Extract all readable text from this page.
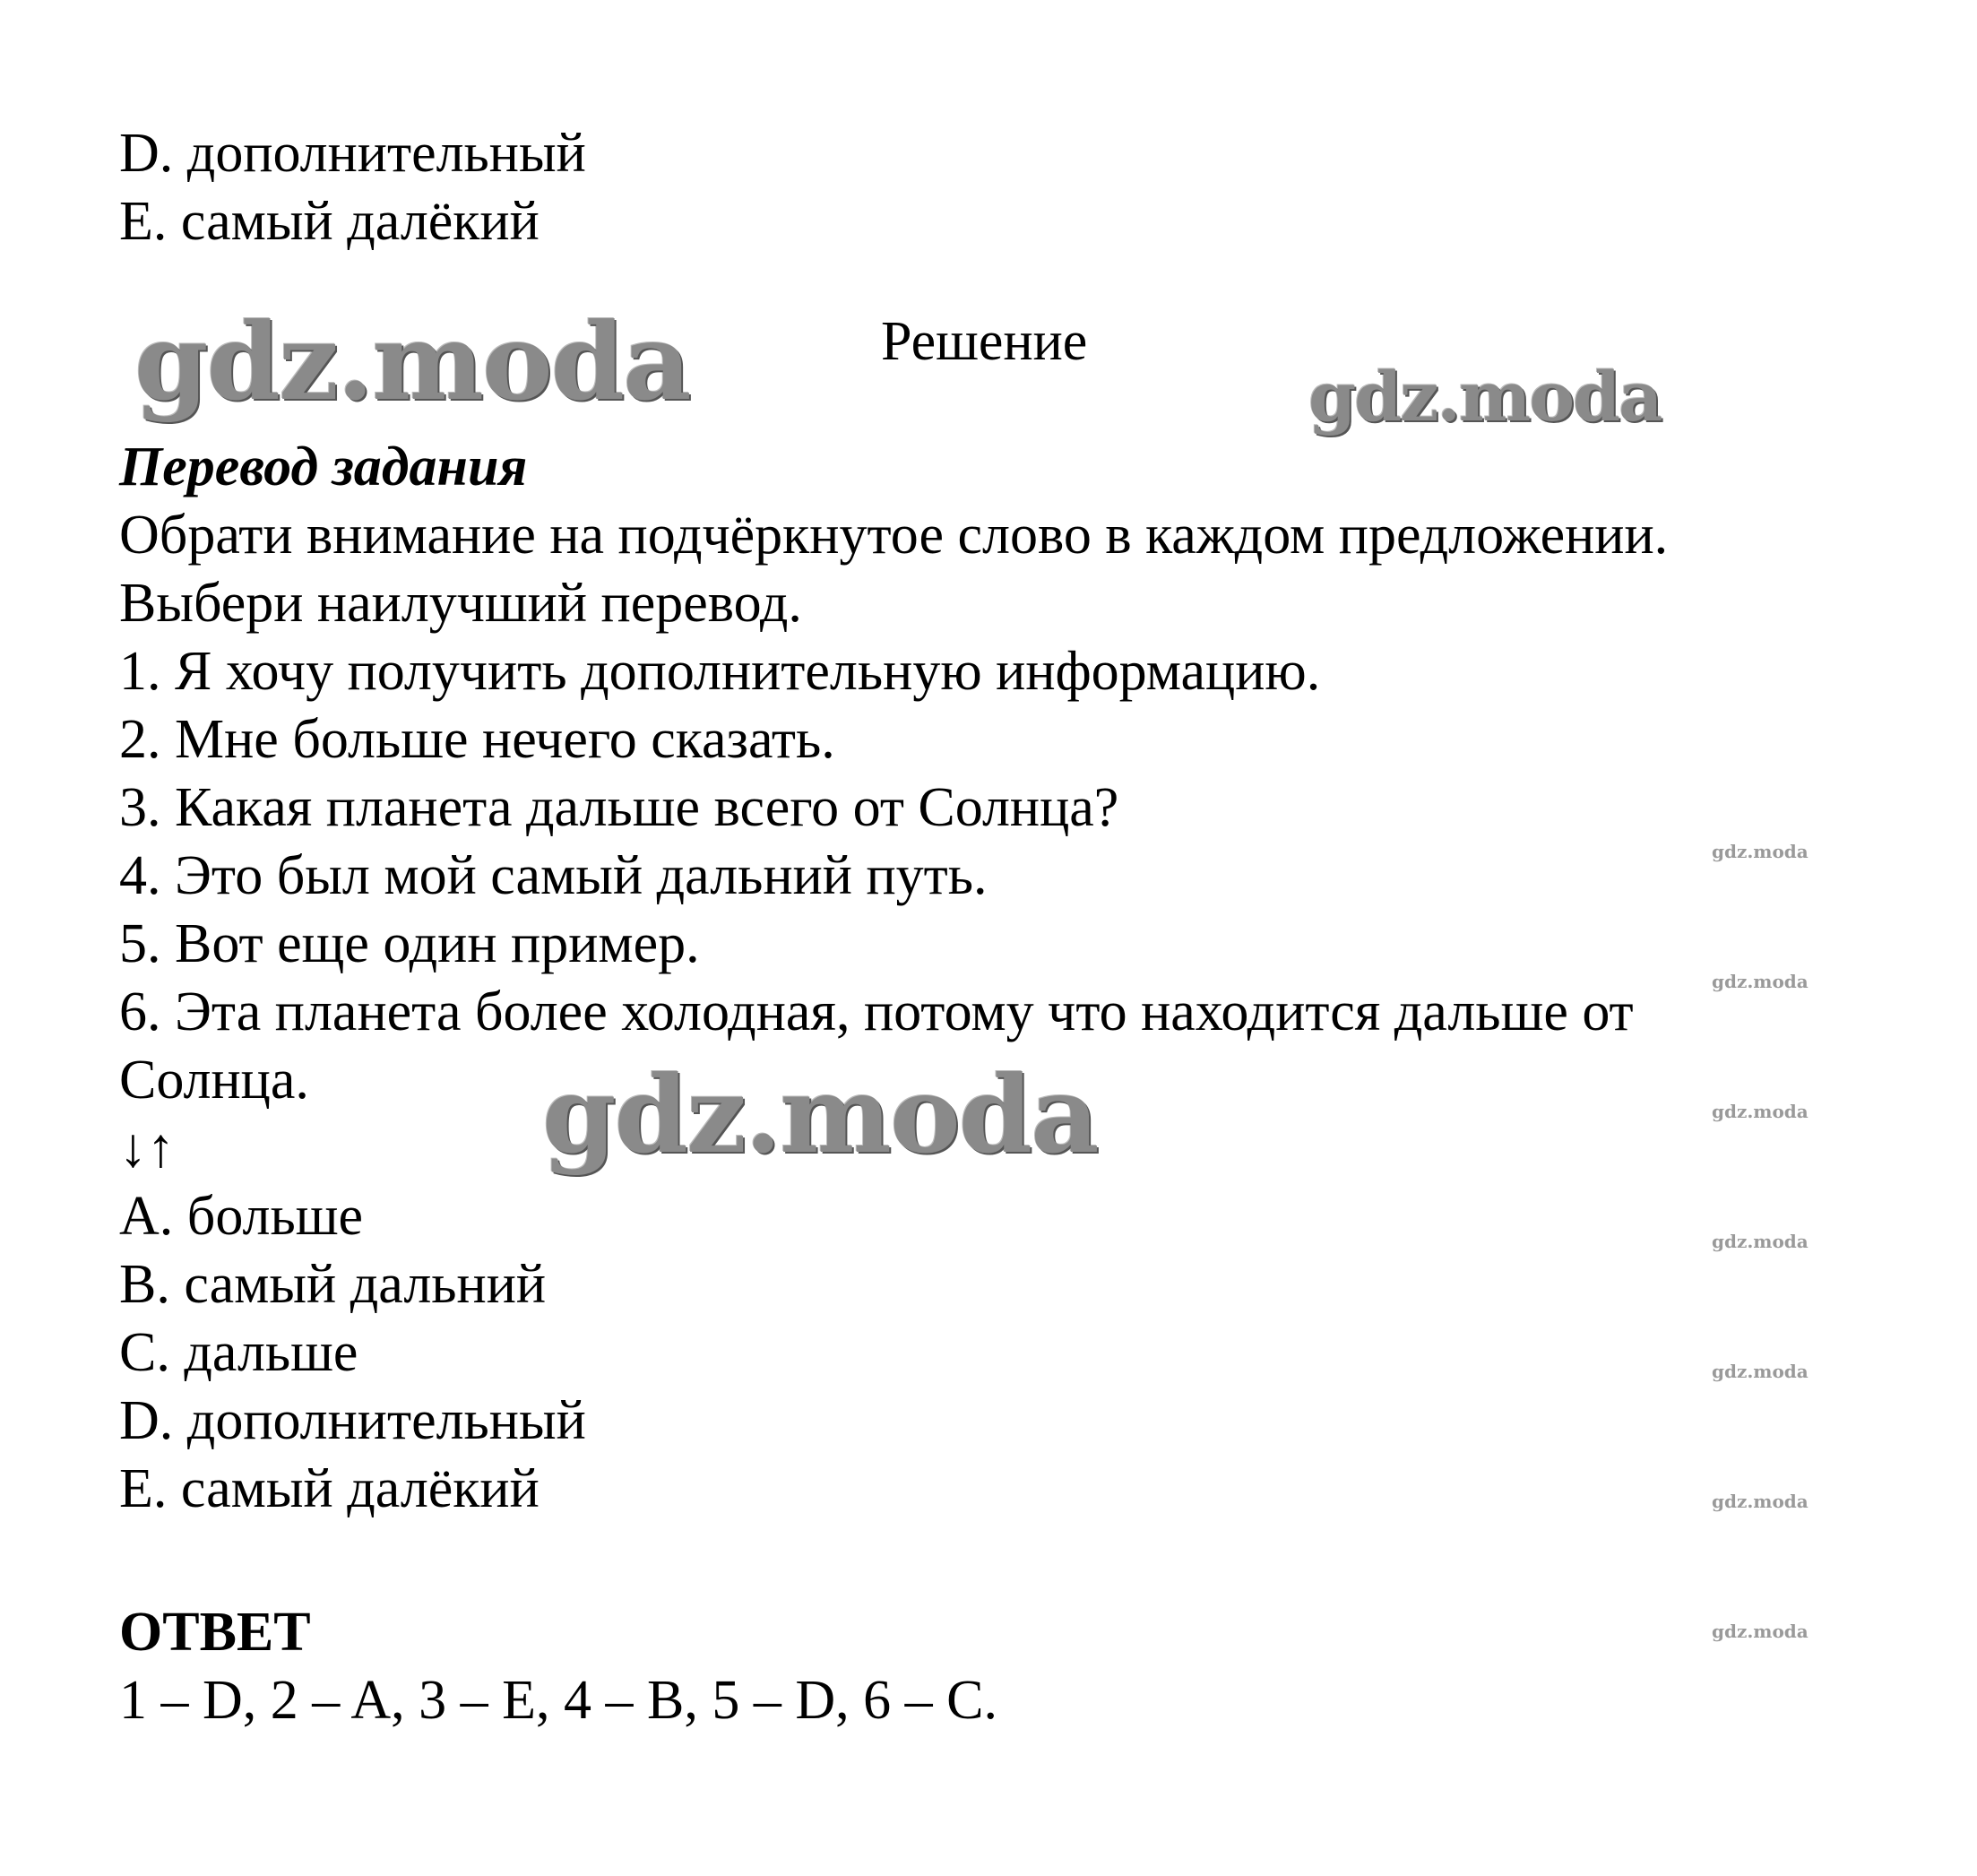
gdz.moda	gdz.moda
gdz.moda
gdz.moda
gdz.moda
gdz.moda
gdz.moda
gdz.moda
gdz.moda
gdz.moda
D. дополнительный
E. самый далёкий
Решение
Перевод задания
Обрати внимание на подчёркнутое слово в каждом предложении.
Выбери наилучший перевод.
1. Я хочу получить дополнительную информацию.
2. Мне больше нечего сказать.
3. Какая планета дальше всего от Солнца?
4. Это был мой самый дальний путь.
5. Вот еще один пример.
6. Эта планета более холодная, потому что находится дальше от
Солнца.
↓↑
A. больше
B. самый дальний
C. дальше
D. дополнительный
E. самый далёкий
ОТВЕТ
1 – D, 2 – A, 3 – E, 4 – B, 5 – D, 6 – C.
